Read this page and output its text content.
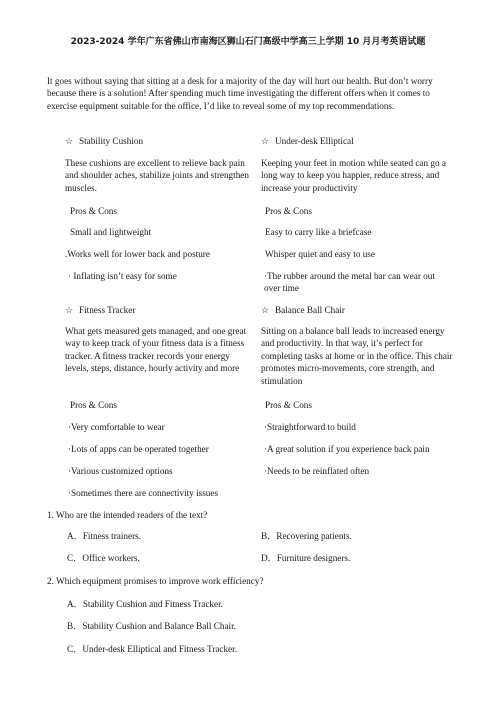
2023-2024 学年广东省佛山市南海区狮山石门高级中学高三上学期 10 月月考英语试题
It goes without saying that sitting at a desk for a majority of the day will hurt our health. But don’t worry because there is a solution! After spending much time investigating the different offers when it comes to exercise equipment suitable for the office, I’d like to reveal some of my top recommendations.
☆ Stability Cushion
These cushions are excellent to relieve back pain and shoulder aches, stabilize joints and strengthen muscles.
Pros & Cons
Small and lightweight
.Works well for lower back and posture
· Inflating isn’t easy for some
☆ Under-desk Elliptical
Keeping your feet in motion while seated can go a long way to keep you happier, reduce stress, and increase your productivity
Pros & Cons
Easy to carry like a briefcase
Whisper quiet and easy to use
·The rubber around the metal bar can wear out over time
☆ Fitness Tracker
What gets measured gets managed, and one great way to keep track of your fitness data is a fitness tracker. A fitness tracker records your energy levels, steps, distance, hourly activity and more
Pros & Cons
·Very comfortable to wear
·Lots of apps can be operated together
·Various customized options
·Sometimes there are connectivity issues
☆ Balance Ball Chair
Sitting on a balance ball leads to increased energy and productivity. In that way, it’s perfect for completing tasks at home or in the office. This chair promotes micro-movements, core strength, and stimulation
Pros & Cons
·Straightforward to build
·A great solution if you experience back pain
·Needs to be reinflated often
1. Who are the intended readers of the text?
A．Fitness trainers.	B．Recovering patients.
C．Office workers.	D．Furniture designers.
2. Which equipment promises to improve work efficiency?
A．Stability Cushion and Fitness Tracker.
B．Stability Cushion and Balance Ball Chair.
C．Under-desk Elliptical and Fitness Tracker.
